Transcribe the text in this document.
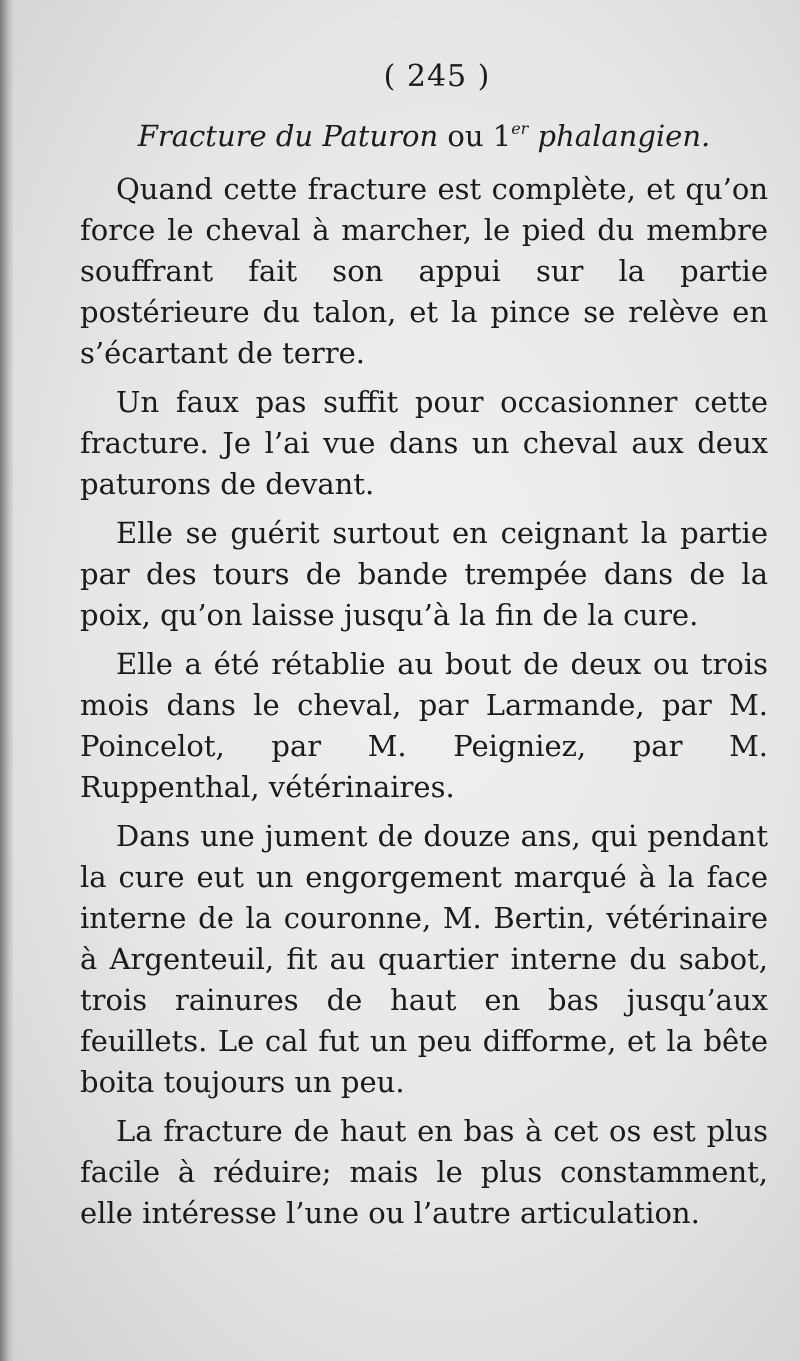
( 245 )
Fracture du Paturon ou 1er phalangien.

Quand cette fracture est complète, et qu’on force le cheval à marcher, le pied du membre souffrant fait son appui sur la partie postérieure du talon, et la pince se relève en s’écartant de terre.

Un faux pas suffit pour occasionner cette fracture. Je l’ai vue dans un cheval aux deux paturons de devant.

Elle se guérit surtout en ceignant la partie par des tours de bande trempée dans de la poix, qu’on laisse jusqu’à la fin de la cure.

Elle a été rétablie au bout de deux ou trois mois dans le cheval, par Larmande, par M. Poincelot, par M. Peigniez, par M. Ruppenthal, vétérinaires.

Dans une jument de douze ans, qui pendant la cure eut un engorgement marqué à la face interne de la couronne, M. Bertin, vétérinaire à Argenteuil, fit au quartier interne du sabot, trois rainures de haut en bas jusqu’aux feuillets. Le cal fut un peu difforme, et la bête boita toujours un peu.

La fracture de haut en bas à cet os est plus facile à réduire; mais le plus constamment, elle intéresse l’une ou l’autre articulation.
